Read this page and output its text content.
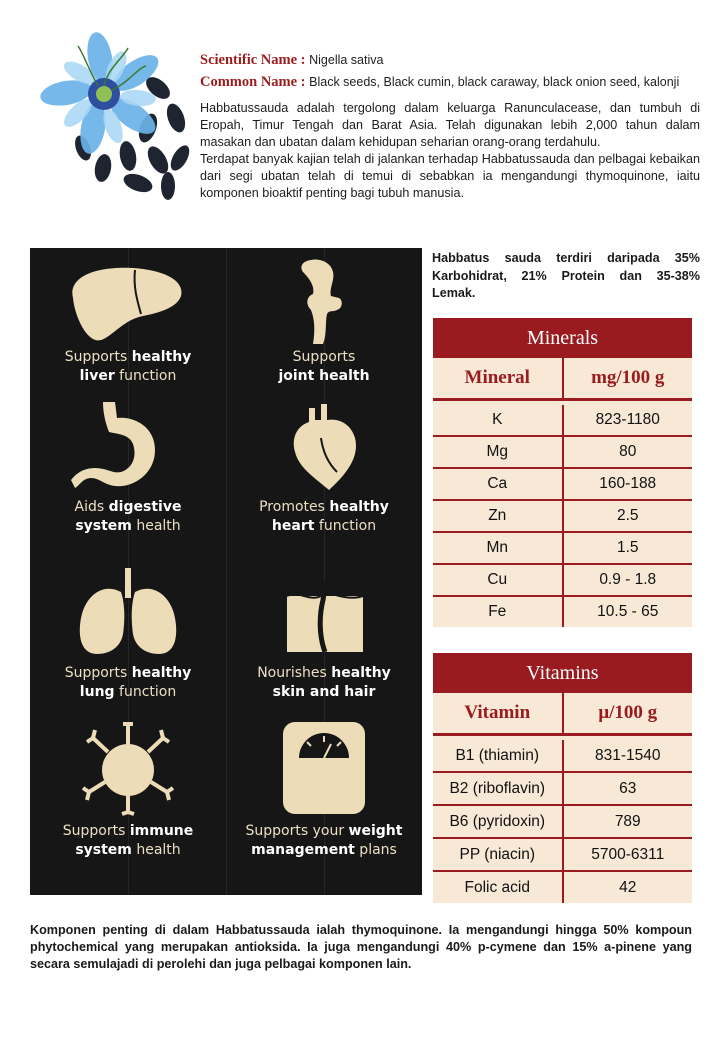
Scientific Name : Nigella sativa
Common Name : Black seeds, Black cumin, black caraway, black onion seed, kalonji

Habbatussauda adalah tergolong dalam keluarga Ranunculacease, dan tumbuh di Eropah, Timur Tengah dan Barat Asia. Telah digunakan lebih 2,000 tahun dalam masakan dan ubatan dalam kehidupan seharian orang-orang terdahulu.

Terdapat banyak kajian telah di jalankan terhadap Habbatussauda dan pelbagai kebaikan dari segi ubatan telah di temui di sebabkan ia mengandungi thymoquinone, iaitu komponen bioaktif penting bagi tubuh manusia.

Supports healthy
liver function
Supports
joint health
Aids digestive
system health
Promotes healthy
heart function
Supports healthy
lung function
Nourishes healthy
skin and hair
Supports immune
system health
Supports your weight
management plans
Habbatus sauda terdiri daripada 35% Karbohidrat, 21% Protein dan 35-38% Lemak.
Minerals
Mineral	mg/100 g
K	823-1180
Mg	80
Ca	160-188
Zn	2.5
Mn	1.5
Cu	0.9 - 1.8
Fe	10.5 - 65
Vitamins
Vitamin	μ/100 g
B1 (thiamin)	831-1540
B2 (riboflavin)	63
B6 (pyridoxin)	789
PP (niacin)	5700-6311
Folic acid	42
Komponen penting di dalam Habbatussauda ialah thymoquinone. Ia mengandungi hingga 50% kompoun phytochemical yang merupakan antioksida. Ia juga mengandungi 40% p-cymene dan 15% a-pinene yang secara semulajadi di perolehi dan juga pelbagai komponen lain.
